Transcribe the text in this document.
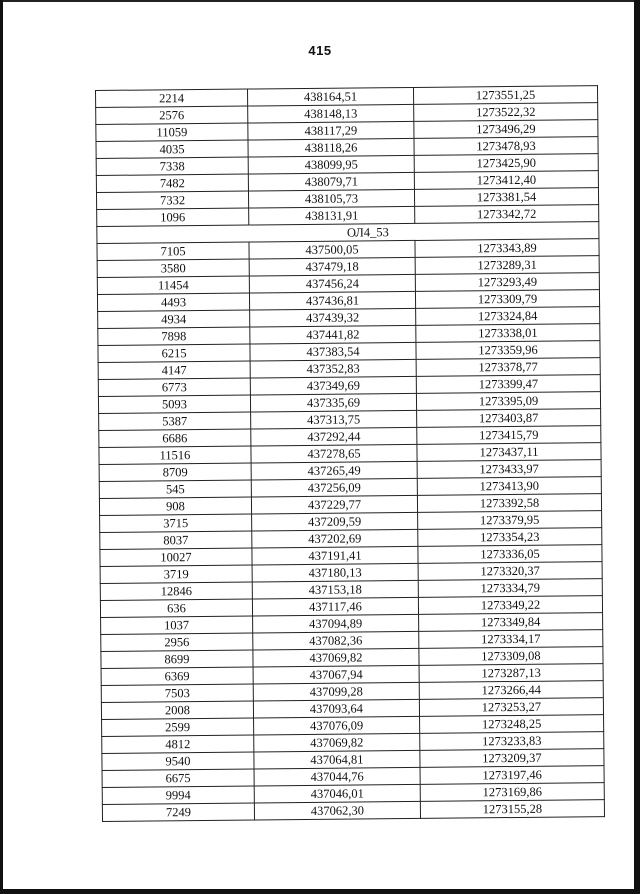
415
2214	438164,51	1273551,25
2576	438148,13	1273522,32
11059	438117,29	1273496,29
4035	438118,26	1273478,93
7338	438099,95	1273425,90
7482	438079,71	1273412,40
7332	438105,73	1273381,54
1096	438131,91	1273342,72
ОЛ4_53		
7105	437500,05	1273343,89
3580	437479,18	1273289,31
11454	437456,24	1273293,49
4493	437436,81	1273309,79
4934	437439,32	1273324,84
7898	437441,82	1273338,01
6215	437383,54	1273359,96
4147	437352,83	1273378,77
6773	437349,69	1273399,47
5093	437335,69	1273395,09
5387	437313,75	1273403,87
6686	437292,44	1273415,79
11516	437278,65	1273437,11
8709	437265,49	1273433,97
545	437256,09	1273413,90
908	437229,77	1273392,58
3715	437209,59	1273379,95
8037	437202,69	1273354,23
10027	437191,41	1273336,05
3719	437180,13	1273320,37
12846	437153,18	1273334,79
636	437117,46	1273349,22
1037	437094,89	1273349,84
2956	437082,36	1273334,17
8699	437069,82	1273309,08
6369	437067,94	1273287,13
7503	437099,28	1273266,44
2008	437093,64	1273253,27
2599	437076,09	1273248,25
4812	437069,82	1273233,83
9540	437064,81	1273209,37
6675	437044,76	1273197,46
9994	437046,01	1273169,86
7249	437062,30	1273155,28
